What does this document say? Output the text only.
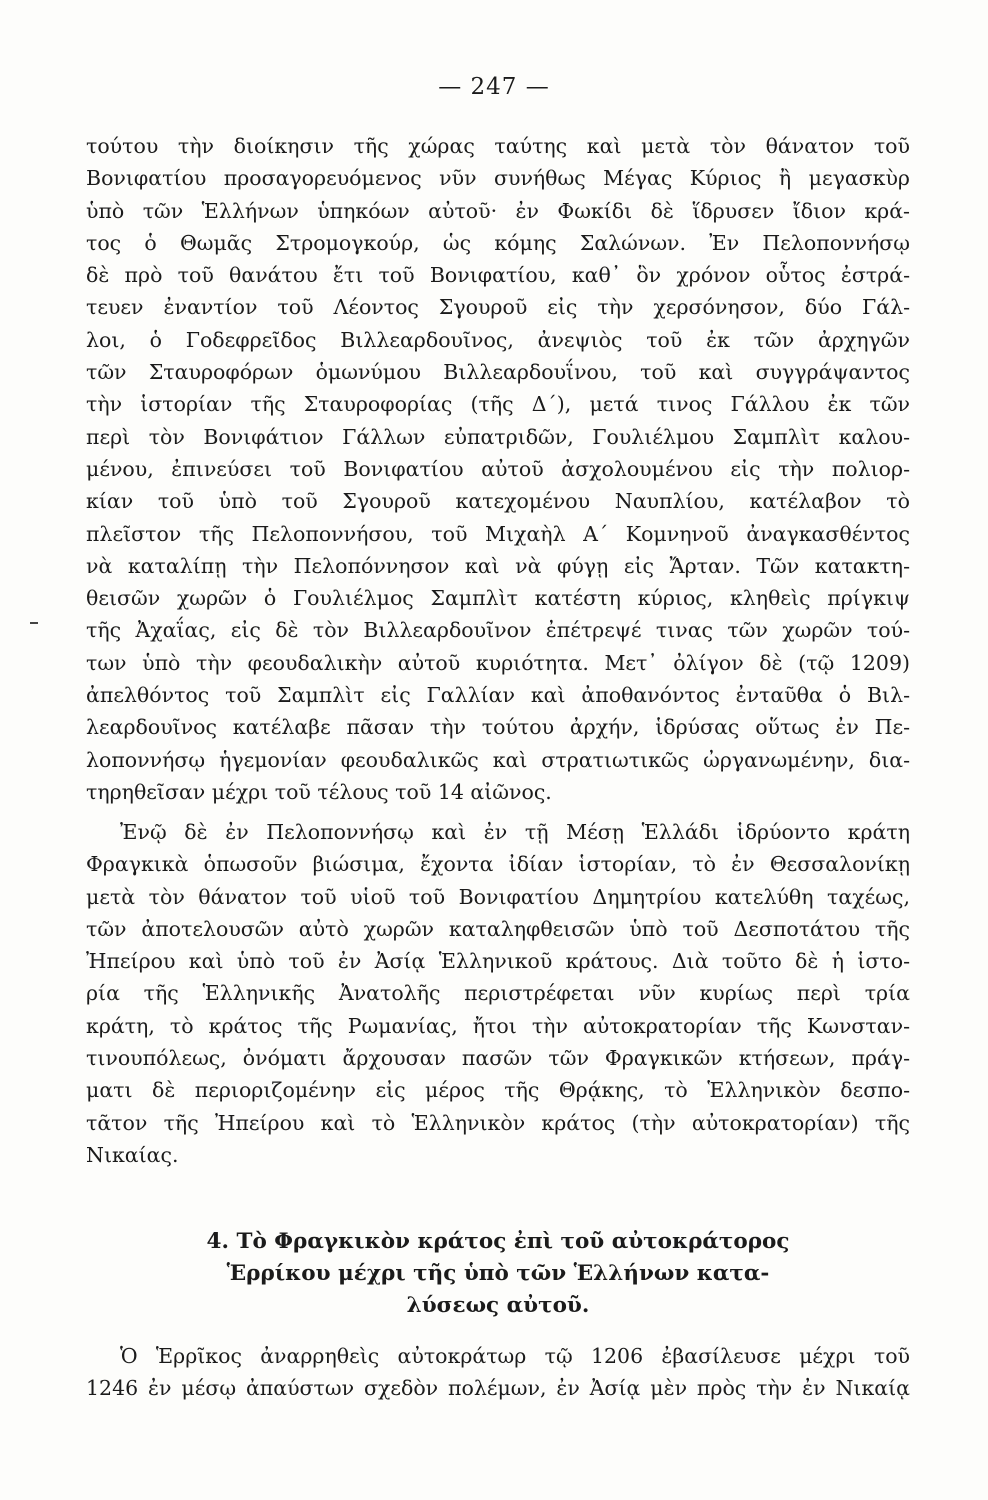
— 247 —
τούτου τὴν διοίκησιν τῆς χώρας ταύτης καὶ μετὰ τὸν θάνατον τοῦ
Βονιφατίου προσαγορευόμενος νῦν συνήθως Μέγας Κύριος ἢ μεγασκὺρ
ὑπὸ τῶν Ἑλλήνων ὑπηκόων αὐτοῦ· ἐν Φωκίδι δὲ ἵδρυσεν ἴδιον κρά-
τος ὁ Θωμᾶς Στρομογκούρ, ὡς κόμης Σαλώνων. Ἐν Πελοποννήσῳ
δὲ πρὸ τοῦ θανάτου ἔτι τοῦ Βονιφατίου, καθ᾽ ὃν χρόνον οὗτος ἐστρά-
τευεν ἐναντίον τοῦ Λέοντος Σγουροῦ εἰς τὴν χερσόνησον, δύο Γάλ-
λοι, ὁ Γοδεφρεῖδος Βιλλεαρδουῖνος, ἀνεψιὸς τοῦ ἐκ τῶν ἀρχηγῶν
τῶν Σταυροφόρων ὁμωνύμου Βιλλεαρδουΐνου, τοῦ καὶ συγγράψαντος
τὴν ἱστορίαν τῆς Σταυροφορίας (τῆς Δ΄), μετά τινος Γάλλου ἐκ τῶν
περὶ τὸν Βονιφάτιον Γάλλων εὐπατριδῶν, Γουλιέλμου Σαμπλὶτ καλου-
μένου, ἐπινεύσει τοῦ Βονιφατίου αὐτοῦ ἀσχολουμένου εἰς τὴν πολιορ-
κίαν τοῦ ὑπὸ τοῦ Σγουροῦ κατεχομένου Ναυπλίου, κατέλαβον τὸ
πλεῖστον τῆς Πελοποννήσου, τοῦ Μιχαὴλ Α΄ Κομνηνοῦ ἀναγκασθέντος
νὰ καταλίπῃ τὴν Πελοπόννησον καὶ νὰ φύγῃ εἰς Ἄρταν. Τῶν κατακτη-
θεισῶν χωρῶν ὁ Γουλιέλμος Σαμπλὶτ κατέστη κύριος, κληθεὶς πρίγκιψ
τῆς Ἀχαΐας, εἰς δὲ τὸν Βιλλεαρδουῖνον ἐπέτρεψέ τινας τῶν χωρῶν τού-
των ὑπὸ τὴν φεουδαλικὴν αὐτοῦ κυριότητα. Μετ᾽ ὀλίγον δὲ (τῷ 1209)
ἀπελθόντος τοῦ Σαμπλὶτ εἰς Γαλλίαν καὶ ἀποθανόντος ἐνταῦθα ὁ Βιλ-
λεαρδουῖνος κατέλαβε πᾶσαν τὴν τούτου ἀρχήν, ἱδρύσας οὕτως ἐν Πε-
λοποννήσῳ ἡγεμονίαν φεουδαλικῶς καὶ στρατιωτικῶς ὠργανωμένην, δια-
τηρηθεῖσαν μέχρι τοῦ τέλους τοῦ 14 αἰῶνος.
Ἐνῷ δὲ ἐν Πελοποννήσῳ καὶ ἐν τῇ Μέσῃ Ἑλλάδι ἱδρύοντο κράτη
Φραγκικὰ ὁπωσοῦν βιώσιμα, ἔχοντα ἰδίαν ἱστορίαν, τὸ ἐν Θεσσαλονίκῃ
μετὰ τὸν θάνατον τοῦ υἱοῦ τοῦ Βονιφατίου Δημητρίου κατελύθη ταχέως,
τῶν ἀποτελουσῶν αὐτὸ χωρῶν καταληφθεισῶν ὑπὸ τοῦ Δεσποτάτου τῆς
Ἠπείρου καὶ ὑπὸ τοῦ ἐν Ἀσίᾳ Ἑλληνικοῦ κράτους. Διὰ τοῦτο δὲ ἡ ἱστο-
ρία τῆς Ἑλληνικῆς Ἀνατολῆς περιστρέφεται νῦν κυρίως περὶ τρία
κράτη, τὸ κράτος τῆς Ρωμανίας, ἤτοι τὴν αὐτοκρατορίαν τῆς Κωνσταν-
τινουπόλεως, ὀνόματι ἄρχουσαν πασῶν τῶν Φραγκικῶν κτήσεων, πράγ-
ματι δὲ περιοριζομένην εἰς μέρος τῆς Θρᾴκης, τὸ Ἑλληνικὸν δεσπο-
τᾶτον τῆς Ἠπείρου καὶ τὸ Ἑλληνικὸν κράτος (τὴν αὐτοκρατορίαν) τῆς
Νικαίας.
4. Τὸ Φραγκικὸν κράτος ἐπὶ τοῦ αὐτοκράτορος
Ἑρρίκου μέχρι τῆς ὑπὸ τῶν Ἑλλήνων κατα-
λύσεως αὐτοῦ.
Ὁ Ἑρρῖκος ἀναρρηθεὶς αὐτοκράτωρ τῷ 1206 ἐβασίλευσε μέχρι τοῦ
1246 ἐν μέσῳ ἀπαύστων σχεδὸν πολέμων, ἐν Ἀσίᾳ μὲν πρὸς τὴν ἐν Νικαίᾳ
